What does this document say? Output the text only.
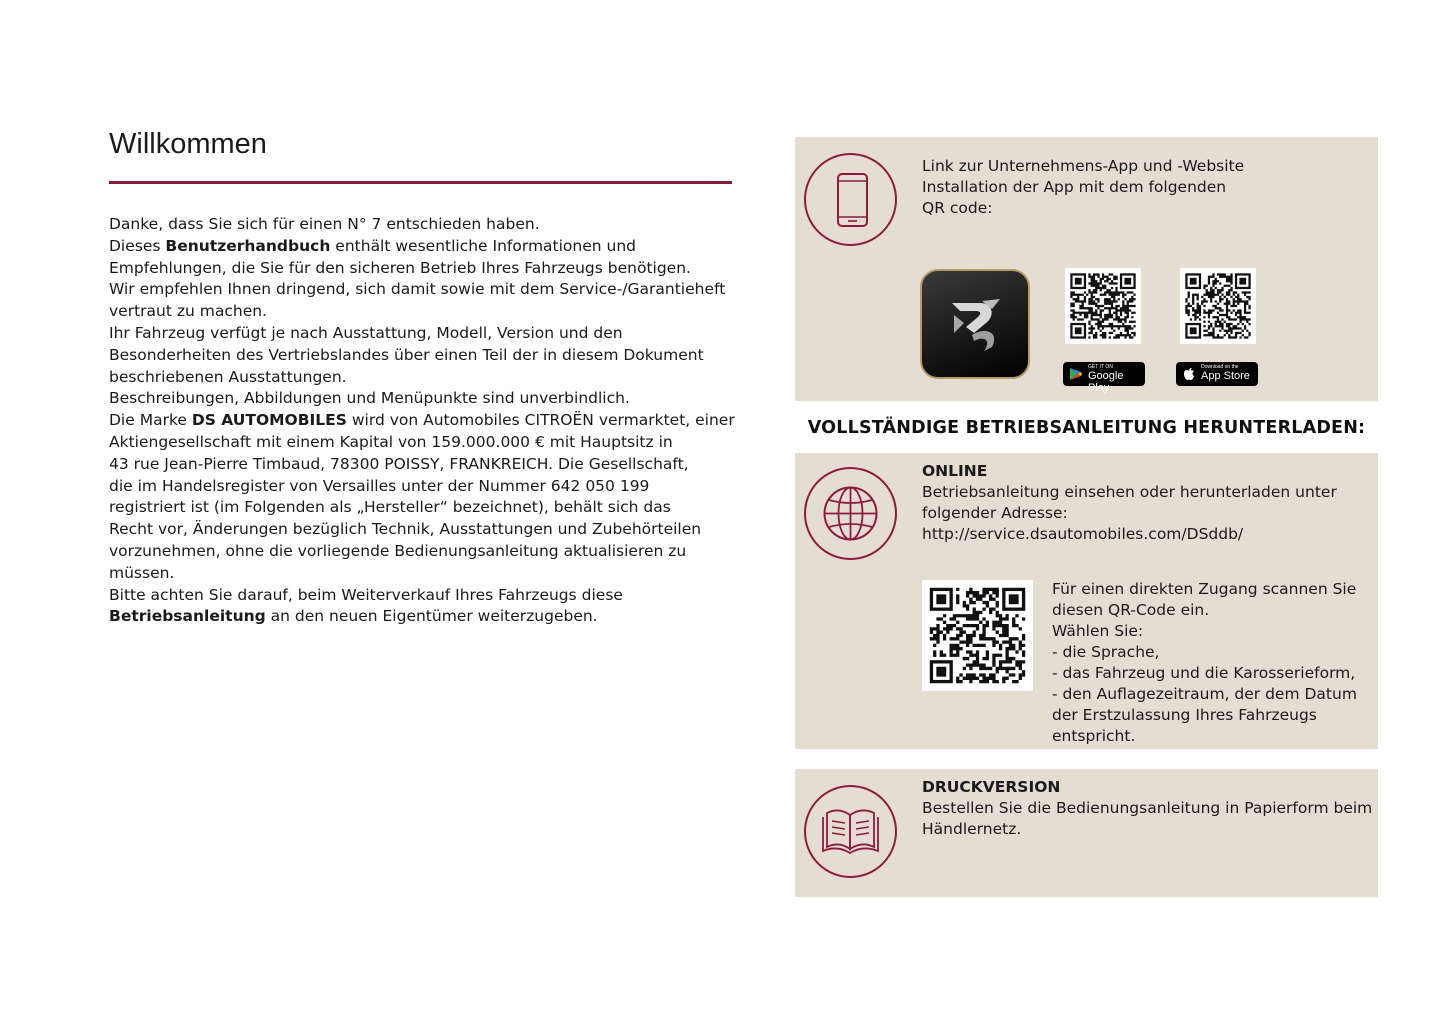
Willkommen

Danke, dass Sie sich für einen N° 7 entschieden haben.

Dieses Benutzerhandbuch enthält wesentliche Informationen und

Empfehlungen, die Sie für den sicheren Betrieb Ihres Fahrzeugs benötigen.

Wir empfehlen Ihnen dringend, sich damit sowie mit dem Service-/Garantieheft

vertraut zu machen.

Ihr Fahrzeug verfügt je nach Ausstattung, Modell, Version und den

Besonderheiten des Vertriebslandes über einen Teil der in diesem Dokument

beschriebenen Ausstattungen.

Beschreibungen, Abbildungen und Menüpunkte sind unverbindlich.

Die Marke DS AUTOMOBILES wird von Automobiles CITROËN vermarktet, einer

Aktiengesellschaft mit einem Kapital von 159.000.000 € mit Hauptsitz in

43 rue Jean-Pierre Timbaud, 78300 POISSY, FRANKREICH. Die Gesellschaft,

die im Handelsregister von Versailles unter der Nummer 642 050 199

registriert ist (im Folgenden als „Hersteller“ bezeichnet), behält sich das

Recht vor, Änderungen bezüglich Technik, Ausstattungen und Zubehörteilen

vorzunehmen, ohne die vorliegende Bedienungsanleitung aktualisieren zu

müssen.

Bitte achten Sie darauf, beim Weiterverkauf Ihres Fahrzeugs diese

Betriebsanleitung an den neuen Eigentümer weiterzugeben.

Link zur Unternehmens-App und -Website
Installation der App mit dem folgenden
QR code:
GET IT ON
Google Play
Download on the
App Store
VOLLSTÄNDIGE BETRIEBSANLEITUNG HERUNTERLADEN:
ONLINE
Betriebsanleitung einsehen oder herunterladen unter
folgender Adresse:
http://service.dsautomobiles.com/DSddb/
Für einen direkten Zugang scannen Sie
diesen QR-Code ein.
Wählen Sie:
- die Sprache,
- das Fahrzeug und die Karosserieform,
- den Auflagezeitraum, der dem Datum
der Erstzulassung Ihres Fahrzeugs
entspricht.
DRUCKVERSION
Bestellen Sie die Bedienungsanleitung in Papierform beim
Händlernetz.
